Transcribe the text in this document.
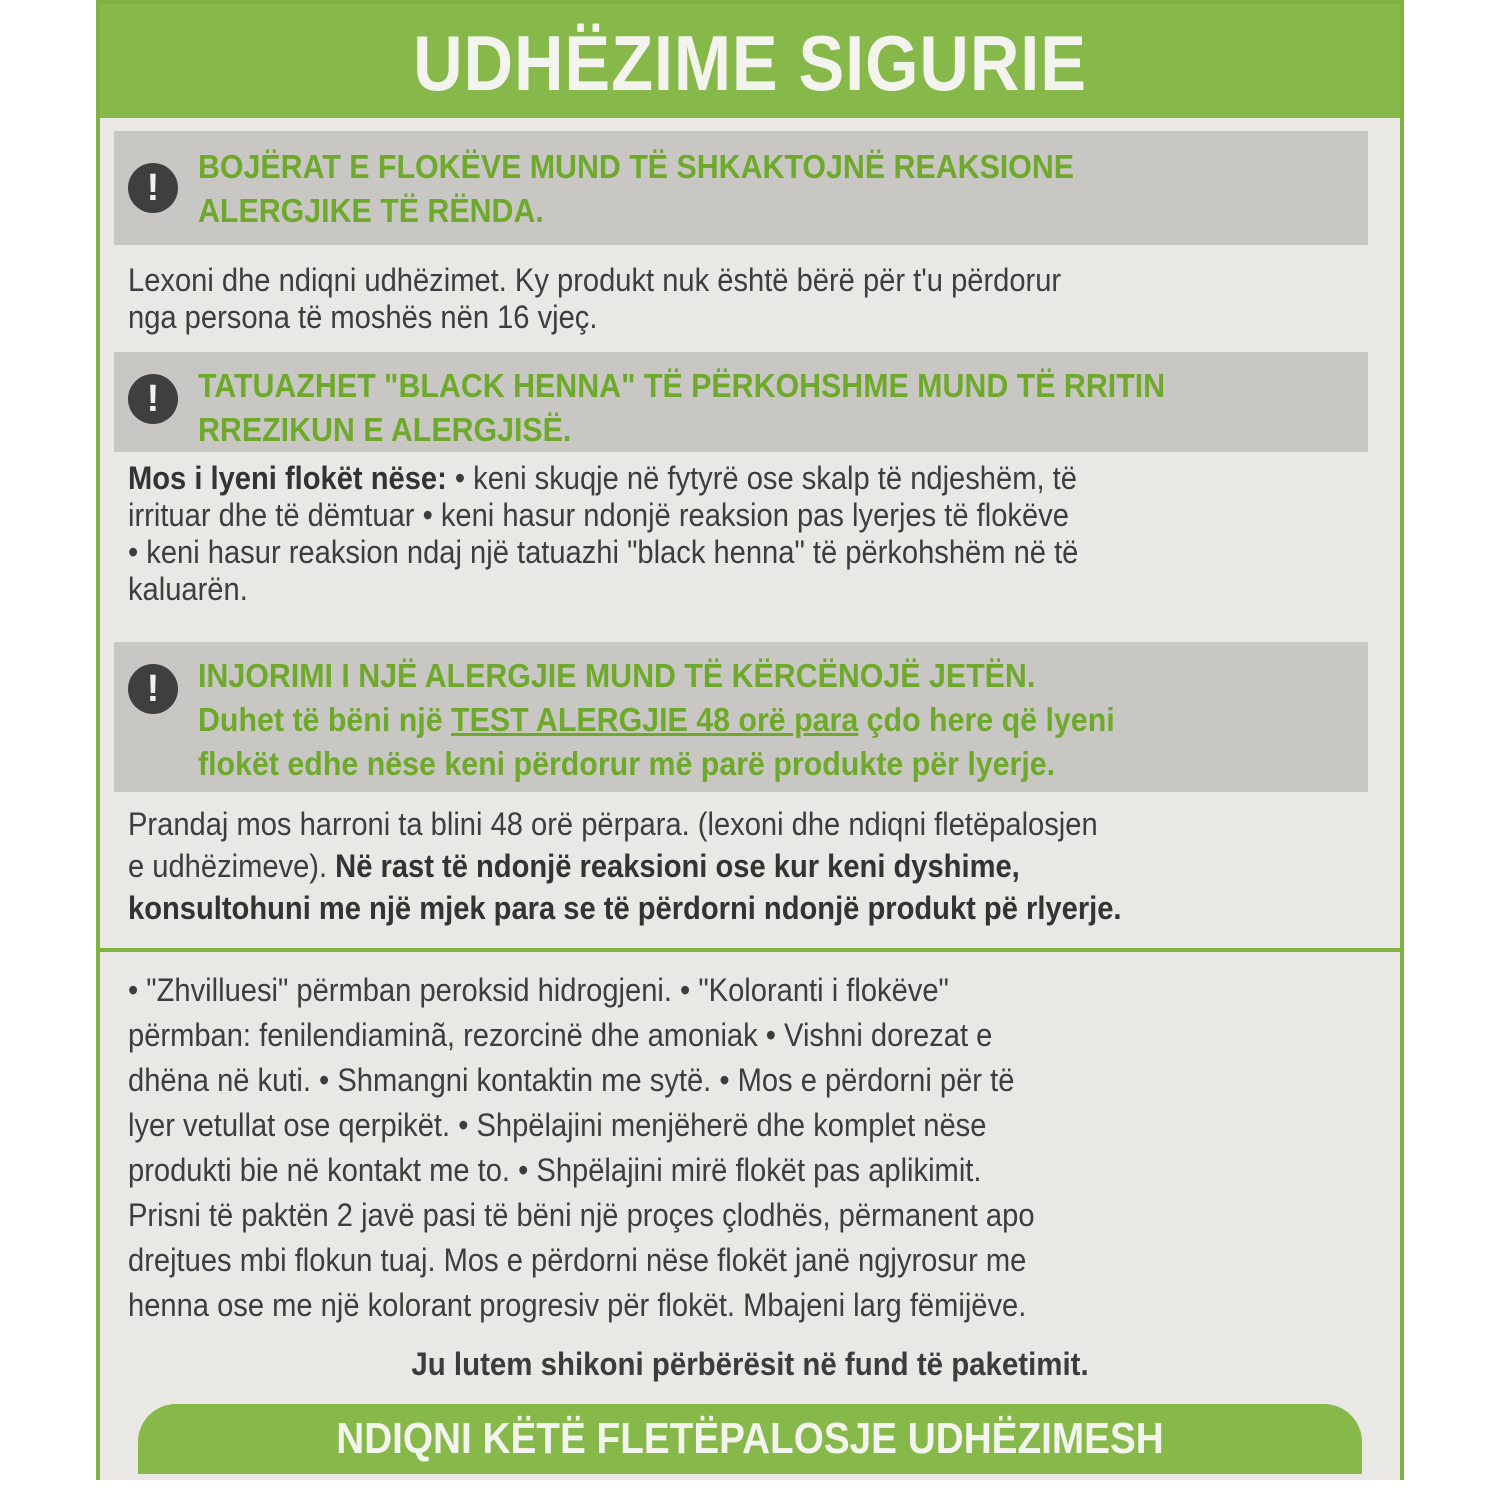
UDHËZIME SIGURIE
!
BOJËRAT E FLOKËVE MUND TË SHKAKTOJNË REAKSIONE
ALERGJIKE TË RËNDA.
Lexoni dhe ndiqni udhëzimet. Ky produkt nuk është bërë për t'u përdorur
nga persona të moshës nën 16 vjeç.
!	TATUAZHET "BLACK HENNA" TË PËRKOHSHME MUND TË RRITIN
RREZIKUN E ALERGJISË.
Mos i lyeni flokët nëse: • keni skuqje në fytyrë ose skalp të ndjeshëm, të
irrituar dhe të dëmtuar • keni hasur ndonjë reaksion pas lyerjes të flokëve
• keni hasur reaksion ndaj një tatuazhi "black henna" të përkohshëm në të
kaluarën.
!	INJORIMI I NJË ALERGJIE MUND TË KËRCËNOJË JETËN.
Duhet të bëni një TEST ALERGJIE 48 orë para çdo here që lyeni
flokët edhe nëse keni përdorur më parë produkte për lyerje.
Prandaj mos harroni ta blini 48 orë përpara. (lexoni dhe ndiqni fletëpalosjen
e udhëzimeve). Në rast të ndonjë reaksioni ose kur keni dyshime,
konsultohuni me një mjek para se të përdorni ndonjë produkt pë rlyerje.
• "Zhvilluesi" përmban peroksid hidrogjeni. • "Koloranti i flokëve"
përmban: fenilendiaminã, rezorcinë dhe amoniak • Vishni dorezat e
dhëna në kuti. • Shmangni kontaktin me sytë. • Mos e përdorni për të
lyer vetullat ose qerpikët. • Shpëlajini menjëherë dhe komplet nëse
produkti bie në kontakt me to. • Shpëlajini mirë flokët pas aplikimit.
Prisni të paktën 2 javë pasi të bëni një proçes çlodhës, përmanent apo
drejtues mbi flokun tuaj. Mos e përdorni nëse flokët janë ngjyrosur me
henna ose me një kolorant progresiv për flokët. Mbajeni larg fëmijëve.
Ju lutem shikoni përbërësit në fund të paketimit.
NDIQNI KËTË FLETËPALOSJE UDHËZIMESH
